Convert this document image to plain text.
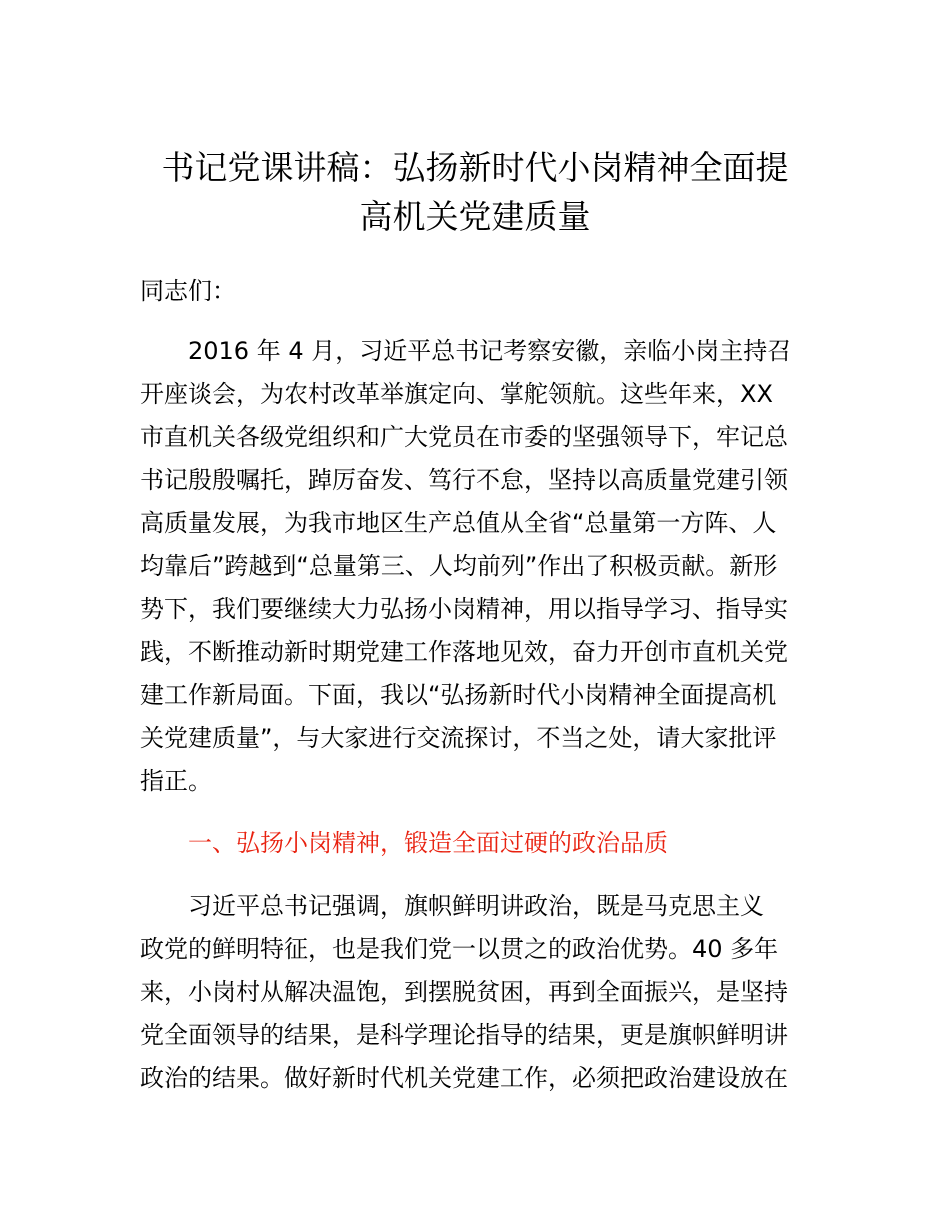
书记党课讲稿：弘扬新时代小岗精神全面提
高机关党建质量

同志们：

2016 年 4 月，习近平总书记考察安徽，亲临小岗主持召
开座谈会，为农村改革举旗定向、掌舵领航。这些年来，XX
市直机关各级党组织和广大党员在市委的坚强领导下，牢记总
书记殷殷嘱托，踔厉奋发、笃行不怠，坚持以高质量党建引领
高质量发展，为我市地区生产总值从全省“总量第一方阵、人
均靠后”跨越到“总量第三、人均前列”作出了积极贡献。新形
势下，我们要继续大力弘扬小岗精神，用以指导学习、指导实
践，不断推动新时期党建工作落地见效，奋力开创市直机关党
建工作新局面。下面，我以“弘扬新时代小岗精神全面提高机
关党建质量”，与大家进行交流探讨，不当之处，请大家批评
指正。

一、弘扬小岗精神，锻造全面过硬的政治品质

习近平总书记强调，旗帜鲜明讲政治，既是马克思主义
政党的鲜明特征，也是我们党一以贯之的政治优势。40 多年
来，小岗村从解决温饱，到摆脱贫困，再到全面振兴，是坚持
党全面领导的结果，是科学理论指导的结果，更是旗帜鲜明讲
政治的结果。做好新时代机关党建工作，必须把政治建设放在
